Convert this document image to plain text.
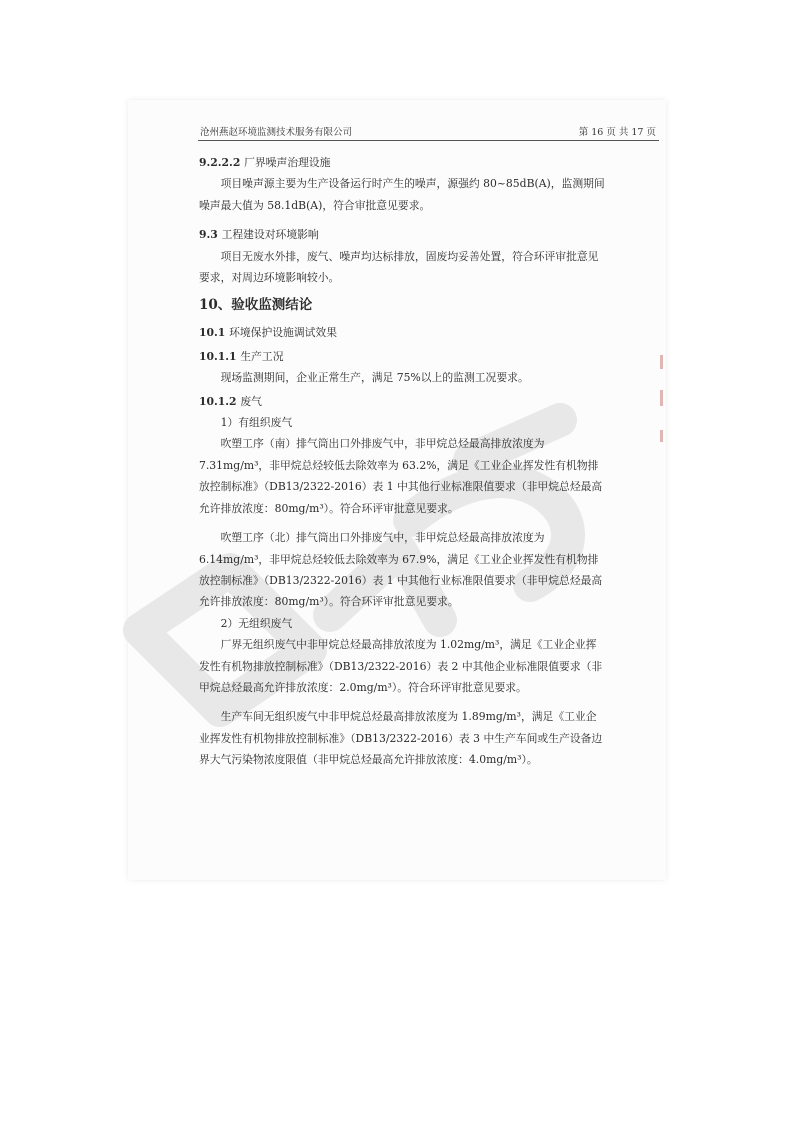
沧州燕赵环境监测技术服务有限公司	第 16 页 共 17 页

9.2.2.2 厂界噪声治理设施

项目噪声源主要为生产设备运行时产生的噪声，源强约 80~85dB(A)，监测期间噪声最大值为 58.1dB(A)，符合审批意见要求。

9.3 工程建设对环境影响

项目无废水外排，废气、噪声均达标排放，固废均妥善处置，符合环评审批意见要求，对周边环境影响较小。

10、验收监测结论

10.1 环境保护设施调试效果

10.1.1 生产工况

现场监测期间，企业正常生产，满足 75%以上的监测工况要求。

10.1.2 废气

1）有组织废气

吹塑工序（南）排气筒出口外排废气中，非甲烷总烃最高排放浓度为 7.31mg/m³，非甲烷总烃较低去除效率为 63.2%，满足《工业企业挥发性有机物排放控制标准》（DB13/2322-2016）表 1 中其他行业标准限值要求（非甲烷总烃最高允许排放浓度：80mg/m³）。符合环评审批意见要求。

吹塑工序（北）排气筒出口外排废气中，非甲烷总烃最高排放浓度为 6.14mg/m³，非甲烷总烃较低去除效率为 67.9%，满足《工业企业挥发性有机物排放控制标准》（DB13/2322-2016）表 1 中其他行业标准限值要求（非甲烷总烃最高允许排放浓度：80mg/m³）。符合环评审批意见要求。

2）无组织废气

厂界无组织废气中非甲烷总烃最高排放浓度为 1.02mg/m³，满足《工业企业挥发性有机物排放控制标准》（DB13/2322-2016）表 2 中其他企业标准限值要求（非甲烷总烃最高允许排放浓度：2.0mg/m³）。符合环评审批意见要求。

生产车间无组织废气中非甲烷总烃最高排放浓度为 1.89mg/m³，满足《工业企业挥发性有机物排放控制标准》（DB13/2322-2016）表 3 中生产车间或生产设备边界大气污染物浓度限值（非甲烷总烃最高允许排放浓度：4.0mg/m³）。
